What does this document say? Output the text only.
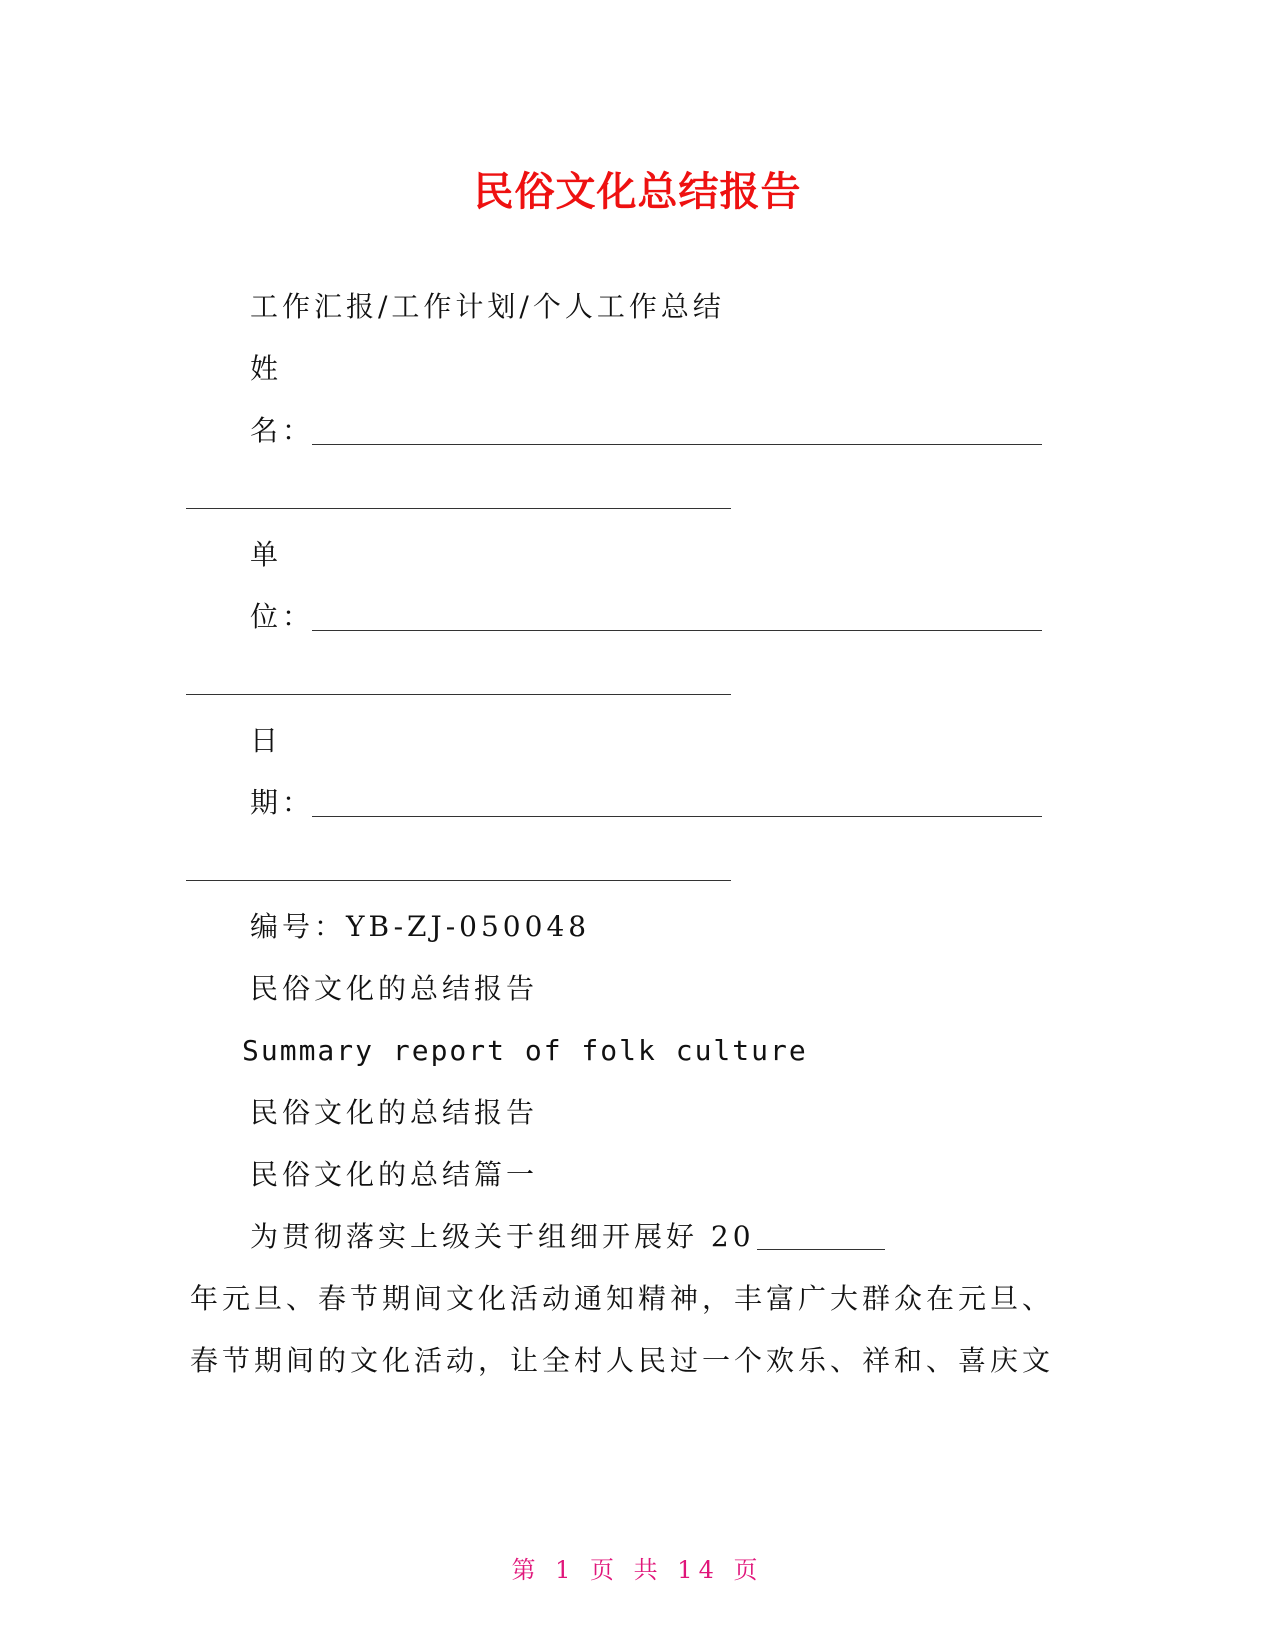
民俗文化总结报告
工作汇报/工作计划/个人工作总结
姓
名：
单
位：
日
期：
编号：YB-ZJ-050048
民俗文化的总结报告
Summary report of folk culture
民俗文化的总结报告
民俗文化的总结篇一
为贯彻落实上级关于组细开展好 20
年元旦、春节期间文化活动通知精神，丰富广大群众在元旦、
春节期间的文化活动，让全村人民过一个欢乐、祥和、喜庆文
第 1 页 共 14 页
